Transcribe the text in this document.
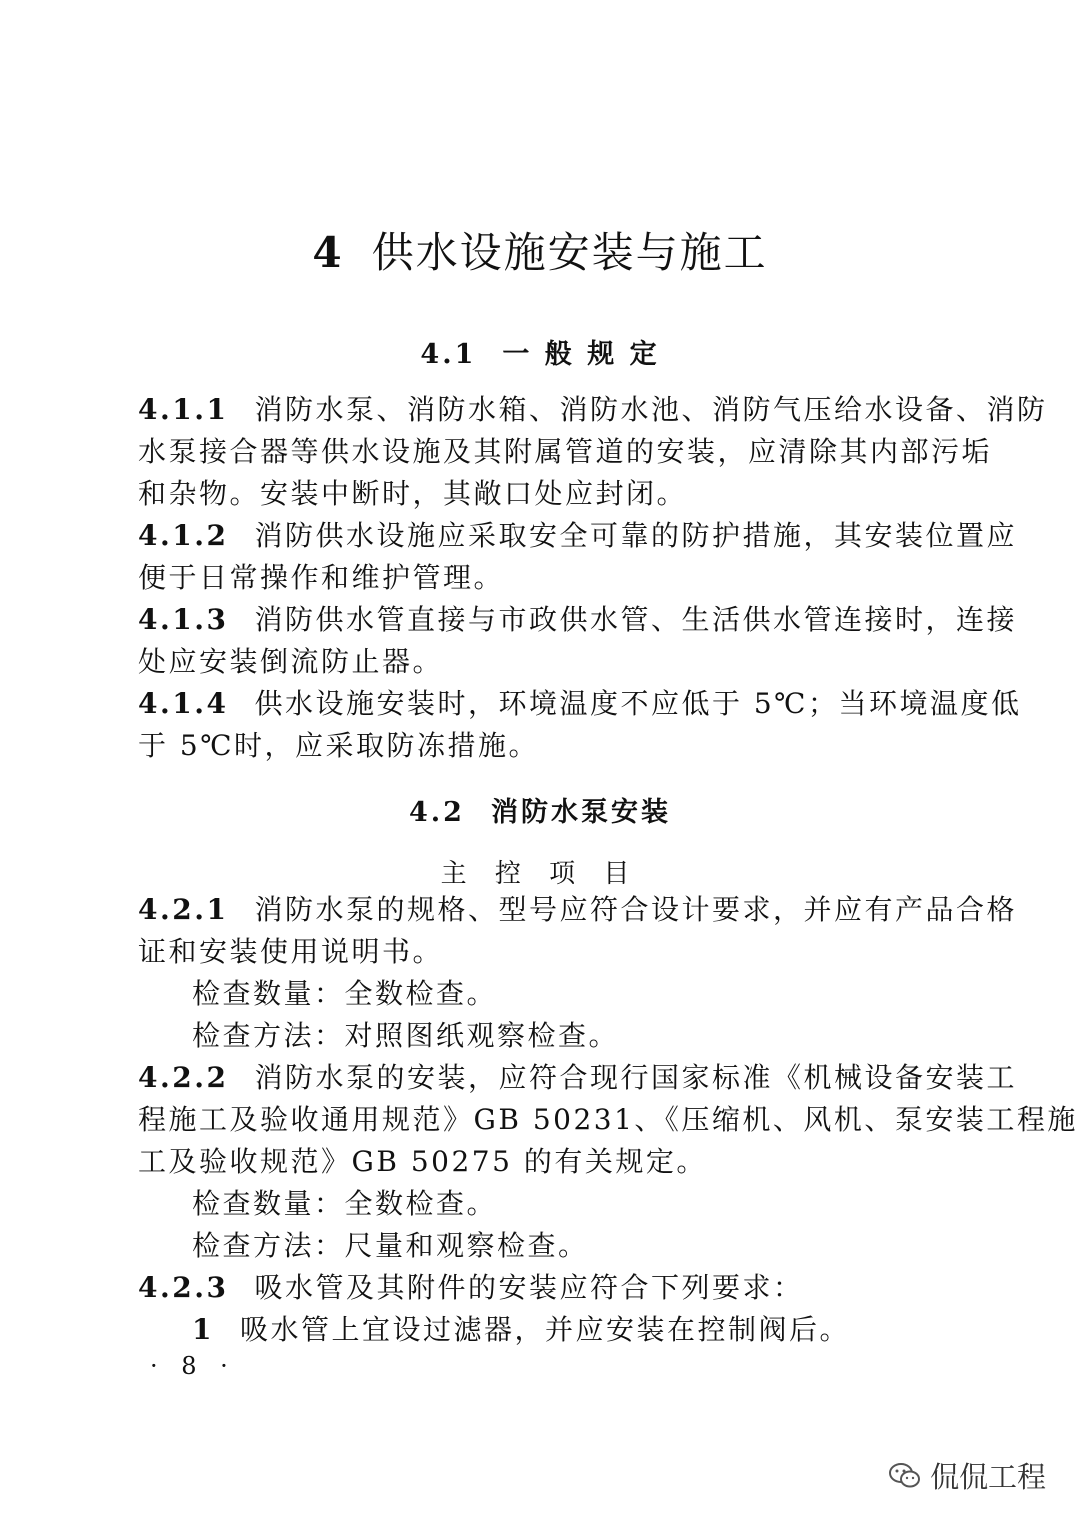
4 供水设施安装与施工
4.1 一 般 规 定
4.1.1 消防水泵、消防水箱、消防水池、消防气压给水设备、消防
水泵接合器等供水设施及其附属管道的安装，应清除其内部污垢
和杂物。安装中断时，其敞口处应封闭。
4.1.2 消防供水设施应采取安全可靠的防护措施，其安装位置应
便于日常操作和维护管理。
4.1.3 消防供水管直接与市政供水管、生活供水管连接时，连接
处应安装倒流防止器。
4.1.4 供水设施安装时，环境温度不应低于 5℃；当环境温度低
于 5℃时，应采取防冻措施。
4.2 消防水泵安装
主 控 项 目
4.2.1 消防水泵的规格、型号应符合设计要求，并应有产品合格
证和安装使用说明书。
检查数量：全数检查。
检查方法：对照图纸观察检查。
4.2.2 消防水泵的安装，应符合现行国家标准《机械设备安装工
程施工及验收通用规范》GB 50231、《压缩机、风机、泵安装工程施
工及验收规范》GB 50275 的有关规定。
检查数量：全数检查。
检查方法：尺量和观察检查。
4.2.3 吸水管及其附件的安装应符合下列要求：
1 吸水管上宜设过滤器，并应安装在控制阀后。
· 8 ·
侃侃工程
